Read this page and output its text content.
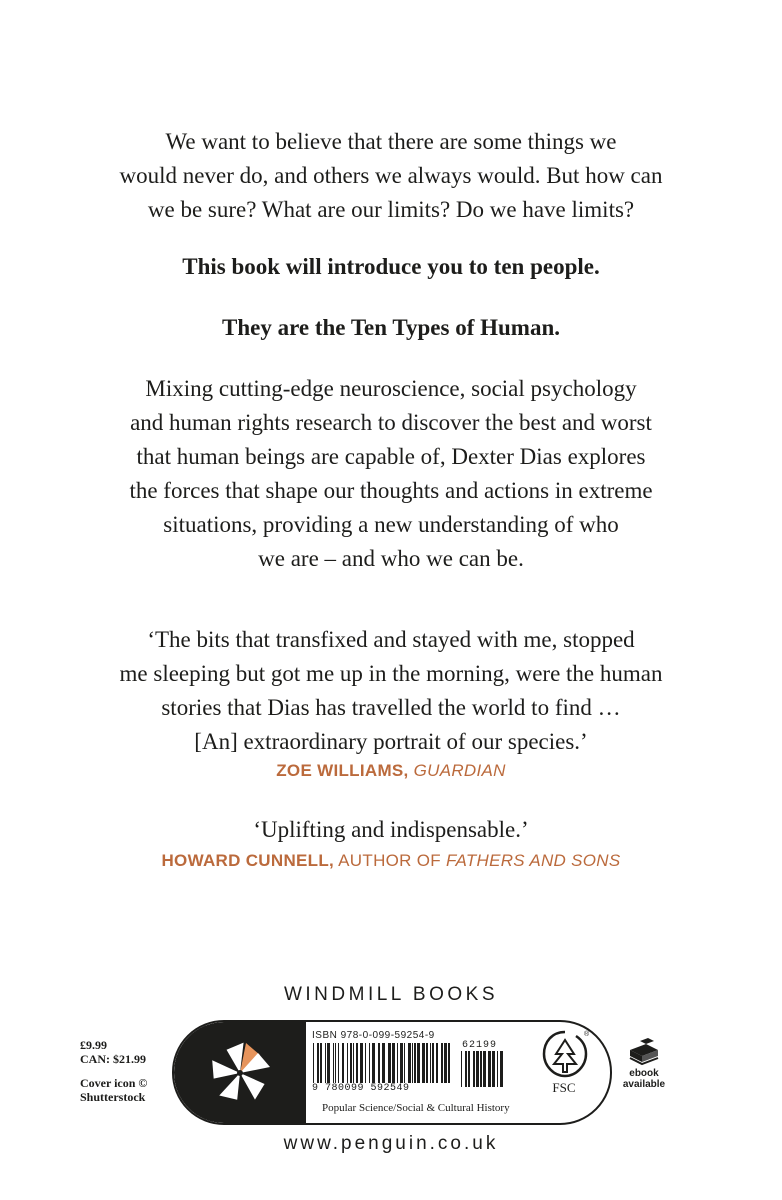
We want to believe that there are some things we
would never do, and others we always would. But how can
we be sure? What are our limits? Do we have limits?

This book will introduce you to ten people.

They are the Ten Types of Human.

Mixing cutting-edge neuroscience, social psychology
and human rights research to discover the best and worst
that human beings are capable of, Dexter Dias explores
the forces that shape our thoughts and actions in extreme
situations, providing a new understanding of who
we are – and who we can be.

‘The bits that transfixed and stayed with me, stopped
me sleeping but got me up in the morning, were the human
stories that Dias has travelled the world to find …
[An] extraordinary portrait of our species.’

ZOE WILLIAMS, GUARDIAN

‘Uplifting and indispensable.’

HOWARD CUNNELL, AUTHOR OF FATHERS AND SONS

WINDMILL BOOKS

£9.99
CAN: $21.99
Cover icon ©
Shutterstock
ISBN 978-0-099-59254-9
9 780099 592549
62199
®
FSC
Popular Science/Social & Cultural History
ebook
available

www.penguin.co.uk
